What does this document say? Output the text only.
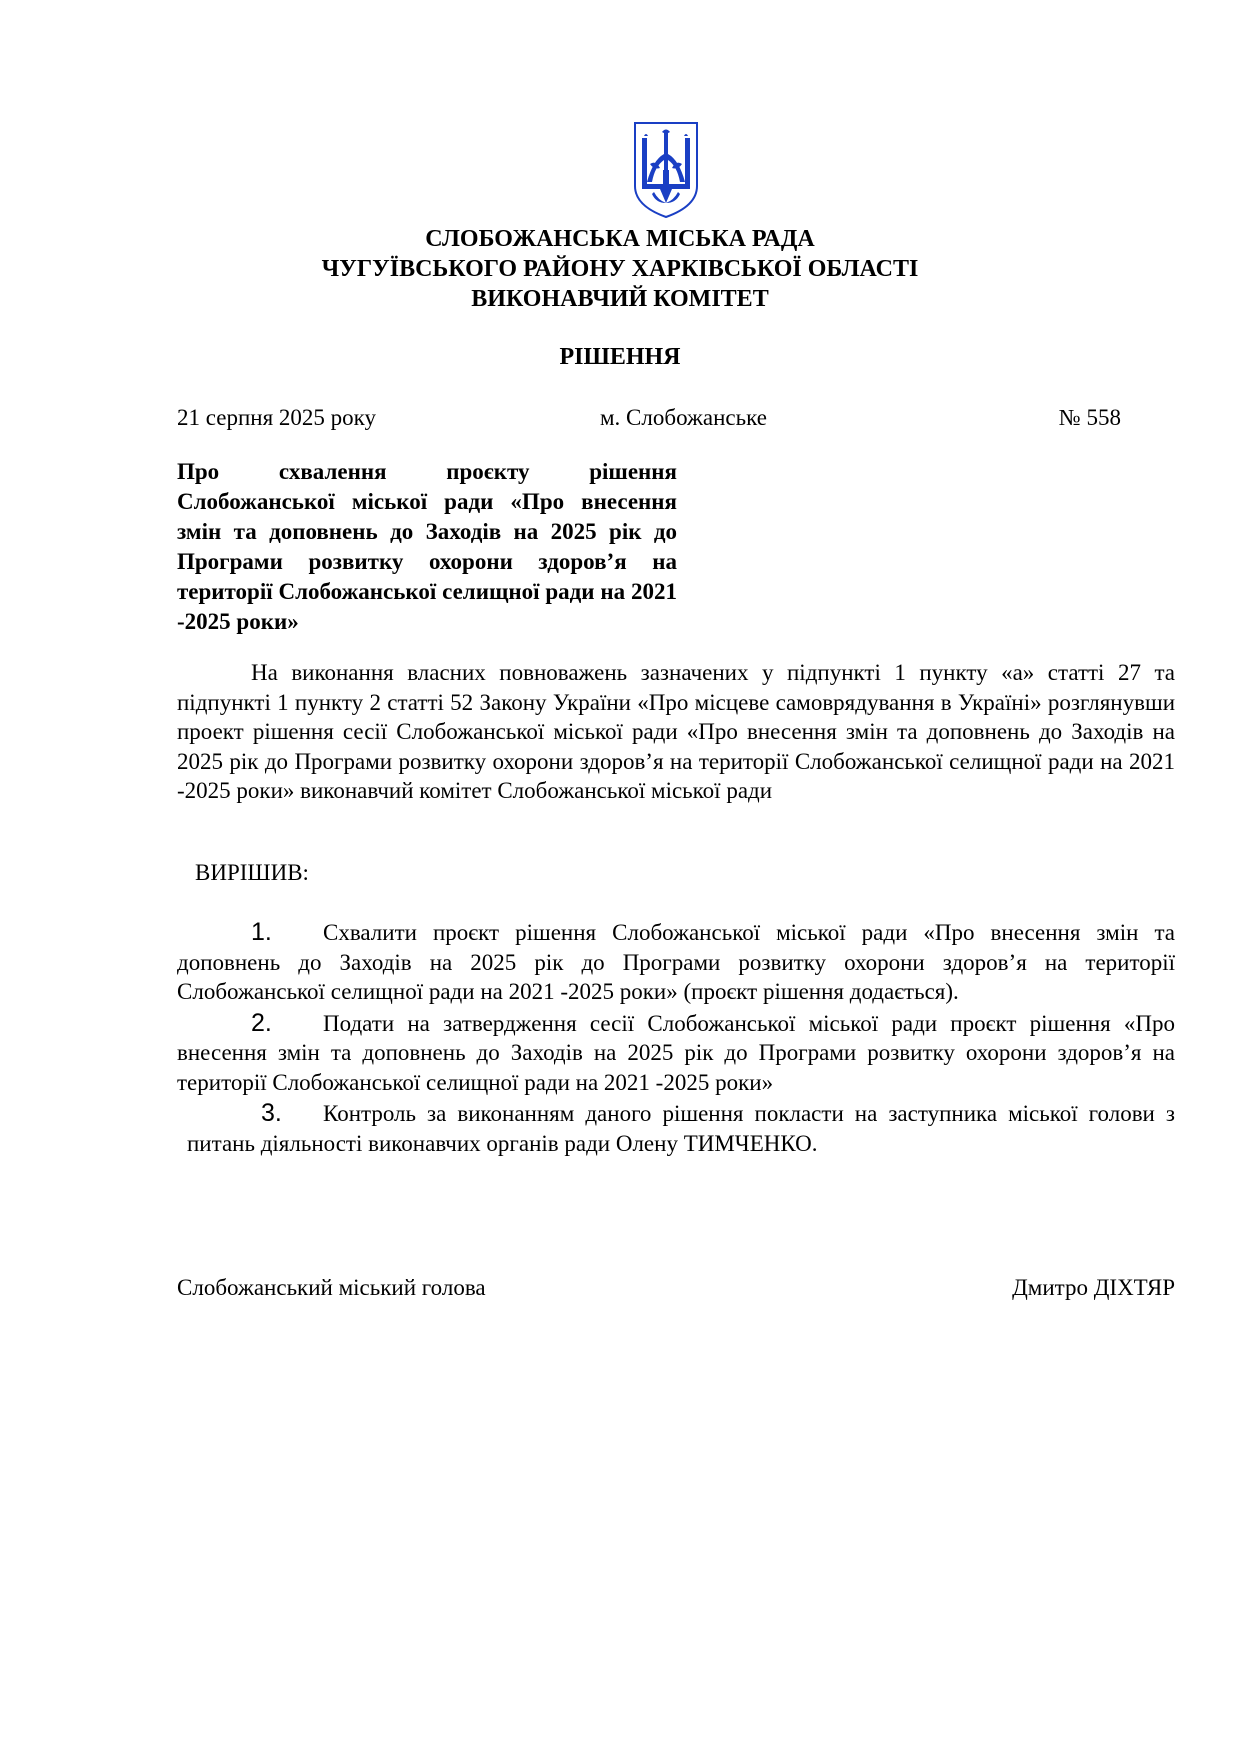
СЛОБОЖАНСЬКА МІСЬКА РАДА
ЧУГУЇВСЬКОГО РАЙОНУ ХАРКІВСЬКОЇ ОБЛАСТІ
ВИКОНАВЧИЙ КОМІТЕТ
РІШЕННЯ
21 серпня 2025 року	м. Слобожанське	№ 558
Про схвалення проєкту рішення Слобожанської міської ради «Про внесення змін та доповнень до Заходів на 2025 рік до Програми розвитку охорони здоров’я на території Слобожанської селищної ради на 2021 -2025 роки»
На виконання власних повноважень зазначених у підпункті 1 пункту «а» статті 27 та підпункті 1 пункту 2 статті 52 Закону України «Про місцеве самоврядування в Україні» розглянувши проект рішення сесії Слобожанської міської ради «Про внесення змін та доповнень до Заходів на 2025 рік до Програми розвитку охорони здоров’я на території Слобожанської селищної ради на 2021 -2025 роки» виконавчий комітет Слобожанської міської ради
ВИРІШИВ:
1. Схвалити проєкт рішення Слобожанської міської ради «Про внесення змін та доповнень до Заходів на 2025 рік до Програми розвитку охорони здоров’я на території Слобожанської селищної ради на 2021 -2025 роки» (проєкт рішення додається).
2. Подати на затвердження сесії Слобожанської міської ради проєкт рішення «Про внесення змін та доповнень до Заходів на 2025 рік до Програми розвитку охорони здоров’я на території Слобожанської селищної ради на 2021 -2025 роки»
3. Контроль за виконанням даного рішення покласти на заступника міської голови з питань діяльності виконавчих органів ради Олену ТИМЧЕНКО.
Слобожанський міський голова	Дмитро ДІХТЯР
